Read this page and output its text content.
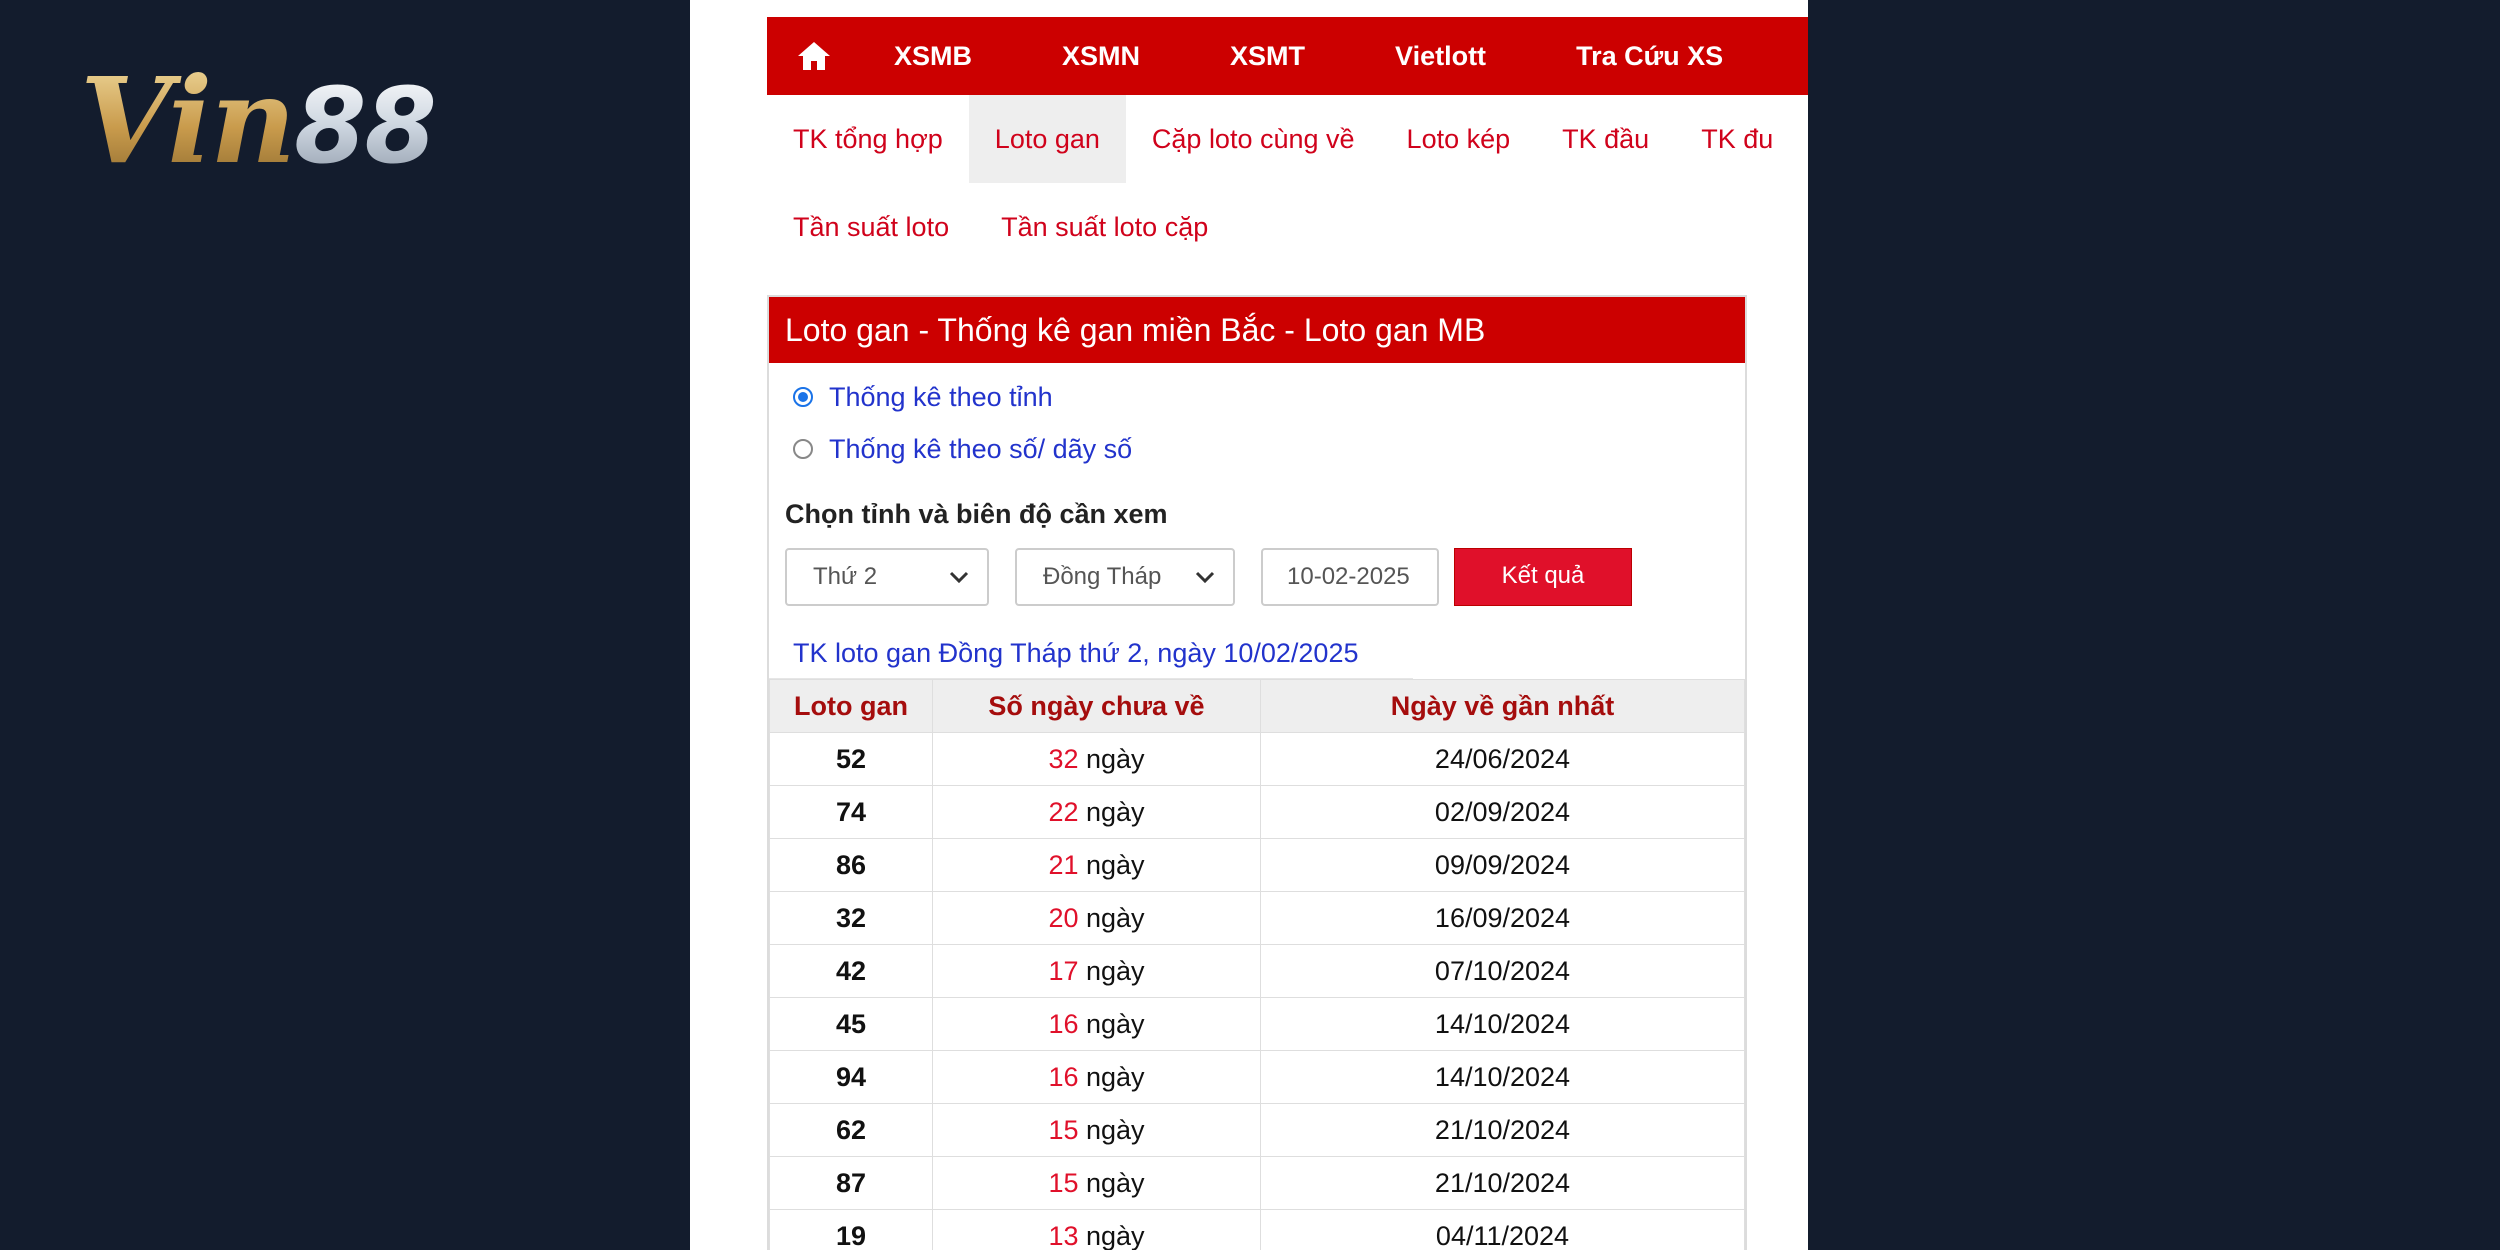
Vin88
XSMB	XSMN	XSMT	Vietlott	Tra Cứu XS
TK tổng hợp	Loto gan	Cặp loto cùng về	Loto kép	TK đầu	TK đu
Tần suất loto	Tần suất loto cặp
Loto gan - Thống kê gan miền Bắc - Loto gan MB
Thống kê theo tỉnh
Thống kê theo số/ dãy số
Chọn tỉnh và biên độ cần xem
Thứ 2	Đồng Tháp	10-02-2025	Kết quả
TK loto gan Đồng Tháp thứ 2, ngày 10/02/2025
Loto gan	Số ngày chưa về	Ngày về gần nhất
52	32 ngày	24/06/2024
74	22 ngày	02/09/2024
86	21 ngày	09/09/2024
32	20 ngày	16/09/2024
42	17 ngày	07/10/2024
45	16 ngày	14/10/2024
94	16 ngày	14/10/2024
62	15 ngày	21/10/2024
87	15 ngày	21/10/2024
19	13 ngày	04/11/2024
